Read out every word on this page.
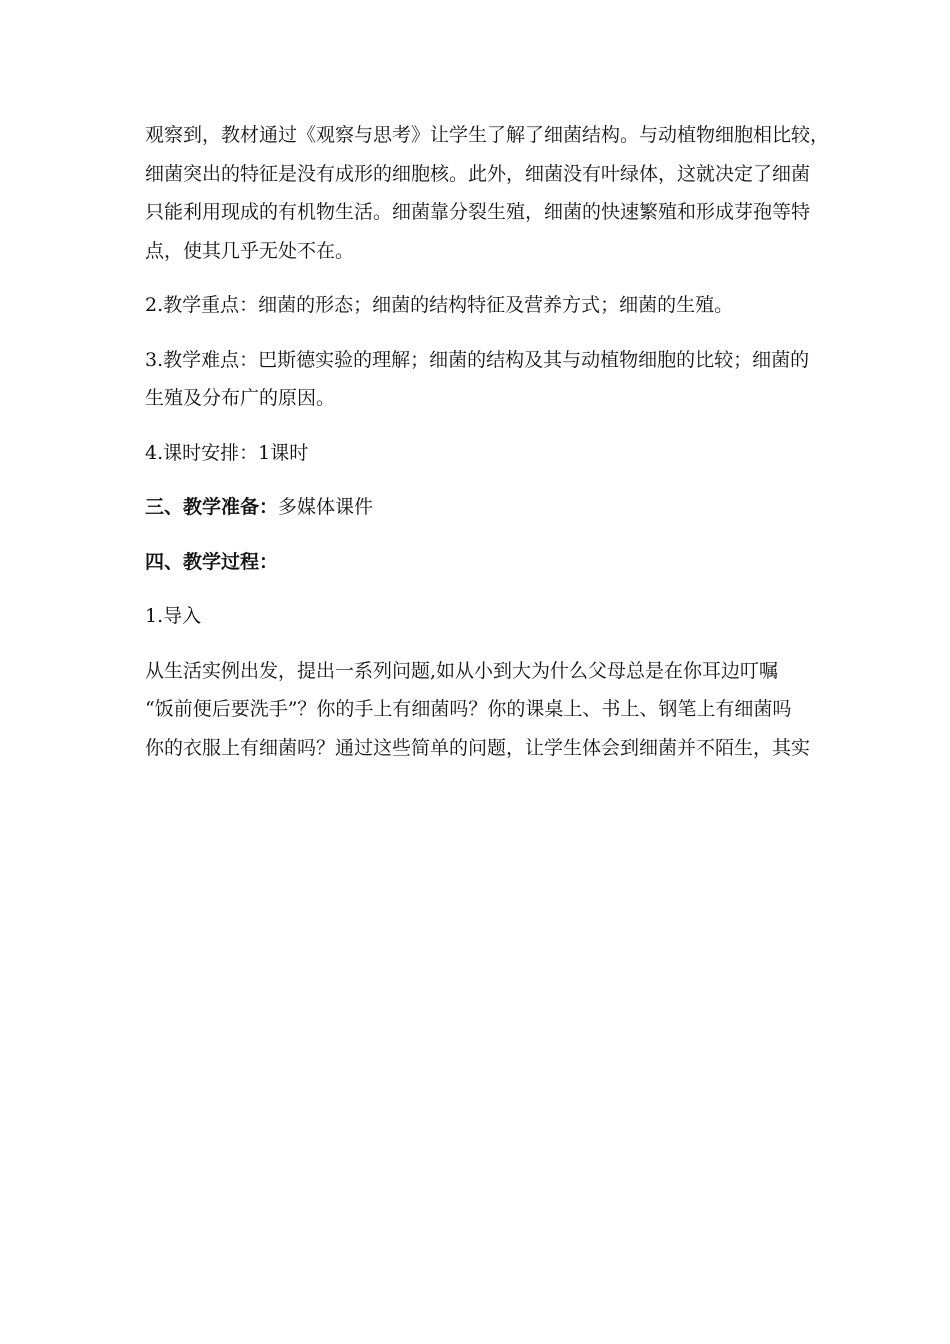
观察到，教材通过《观察与思考》让学生了解了细菌结构。与动植物细胞相比较，
细菌突出的特征是没有成形的细胞核。此外，细菌没有叶绿体，这就决定了细菌
只能利用现成的有机物生活。细菌靠分裂生殖，细菌的快速繁殖和形成芽孢等特
点，使其几乎无处不在。

2.教学重点：细菌的形态；细菌的结构特征及营养方式；细菌的生殖。

3.教学难点：巴斯德实验的理解；细菌的结构及其与动植物细胞的比较；细菌的
生殖及分布广的原因。

4.课时安排：1课时

三、教学准备：多媒体课件

四、教学过程：

1.导入

从生活实例出发，提出一系列问题,如从小到大为什么父母总是在你耳边叮嘱
“饭前便后要洗手”？你的手上有细菌吗？你的课桌上、书上、钢笔上有细菌吗
你的衣服上有细菌吗？通过这些简单的问题，让学生体会到细菌并不陌生，其实
